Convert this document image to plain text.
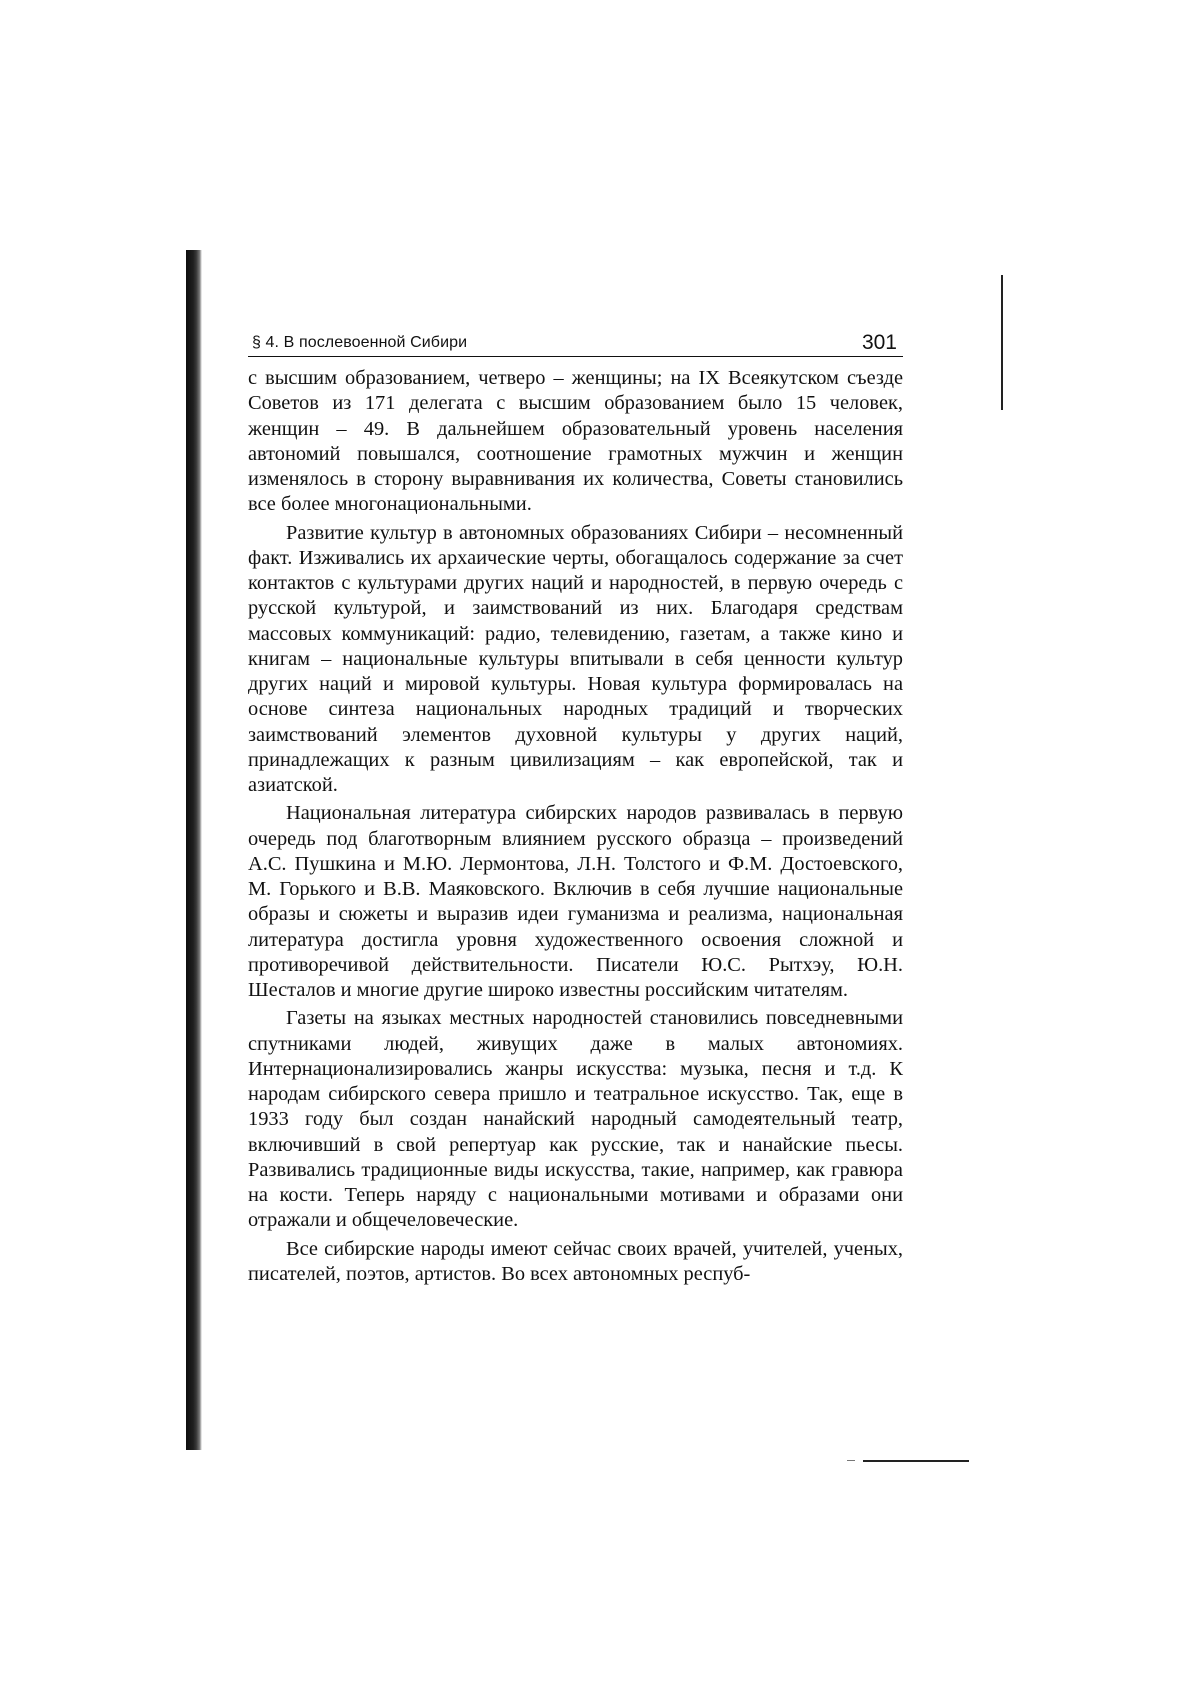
§ 4. В послевоенной Сибири	301

с высшим образованием, четверо – женщины; на IX Всеякутском съезде Советов из 171 делегата с высшим образованием было 15 человек, женщин – 49. В дальнейшем образовательный уровень населения автономий повышался, соотношение грамотных мужчин и женщин изменялось в сторону выравнивания их количества, Советы становились все более многонациональными.

Развитие культур в автономных образованиях Сибири – несомненный факт. Изживались их архаические черты, обогащалось содержание за счет контактов с культурами других наций и народностей, в первую очередь с русской культурой, и заимствований из них. Благодаря средствам массовых коммуникаций: радио, телевидению, газетам, а также кино и книгам – национальные культуры впитывали в себя ценности культур других наций и мировой культуры. Новая культура формировалась на основе синтеза национальных народных традиций и творческих заимствований элементов духовной культуры у других наций, принадлежащих к разным цивилизациям – как европейской, так и азиатской.

Национальная литература сибирских народов развивалась в первую очередь под благотворным влиянием русского образца – произведений А.С. Пушкина и М.Ю. Лермонтова, Л.Н. Толстого и Ф.М. Достоевского, М. Горького и В.В. Маяковского. Включив в себя лучшие национальные образы и сюжеты и выразив идеи гуманизма и реализма, национальная литература достигла уровня художественного освоения сложной и противоречивой действительности. Писатели Ю.С. Рытхэу, Ю.Н. Шесталов и многие другие широко известны российским читателям.

Газеты на языках местных народностей становились повседневными спутниками людей, живущих даже в малых автономиях. Интернационализировались жанры искусства: музыка, песня и т.д. К народам сибирского севера пришло и театральное искусство. Так, еще в 1933 году был создан нанайский народный самодеятельный театр, включивший в свой репертуар как русские, так и нанайские пьесы. Развивались традиционные виды искусства, такие, например, как гравюра на кости. Теперь наряду с национальными мотивами и образами они отражали и общечеловеческие.

Все сибирские народы имеют сейчас своих врачей, учителей, ученых, писателей, поэтов, артистов. Во всех автономных респуб-
